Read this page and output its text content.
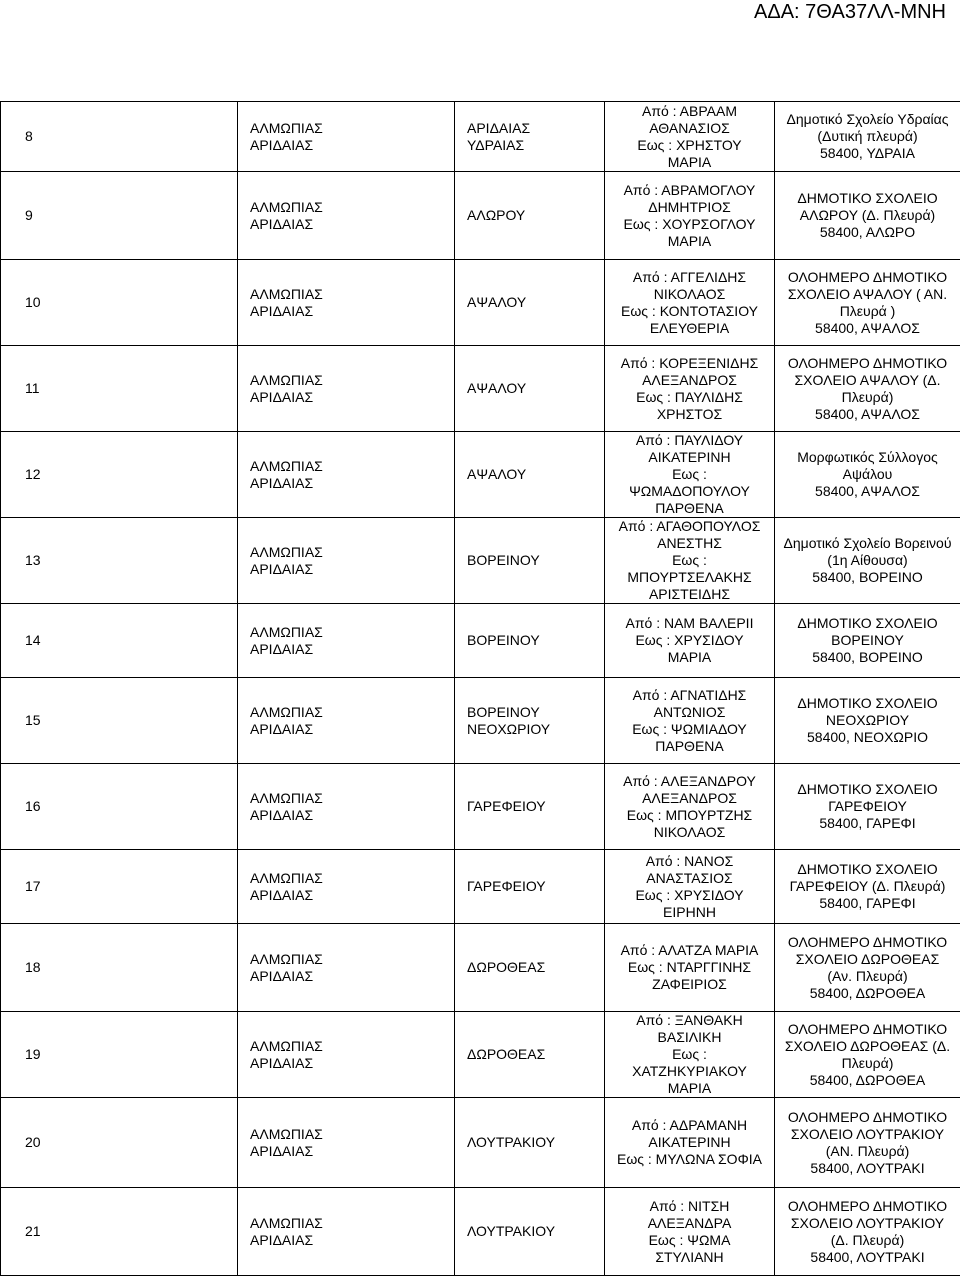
ΑΔΑ: 7ΘΑ37ΛΛ-ΜΝΗ
8	ΑΛΜΩΠΙΑΣ
ΑΡΙΔΑΙΑΣ	ΑΡΙΔΑΙΑΣ
ΥΔΡΑΙΑΣ	Από : ΑΒΡΑΑΜ
ΑΘΑΝΑΣΙΟΣ
Εως : ΧΡΗΣΤΟΥ
ΜΑΡΙΑ	Δημοτικό Σχολείο Υδραίας
(Δυτική πλευρά)
58400, ΥΔΡΑΙΑ

9	ΑΛΜΩΠΙΑΣ
ΑΡΙΔΑΙΑΣ	ΑΛΩΡΟΥ	Από : ΑΒΡΑΜΟΓΛΟΥ
ΔΗΜΗΤΡΙΟΣ
Εως : ΧΟΥΡΣΟΓΛΟΥ
ΜΑΡΙΑ	ΔΗΜΟΤΙΚΟ ΣΧΟΛΕΙΟ
ΑΛΩΡΟΥ (Δ. Πλευρά)
58400, ΑΛΩΡΟ

10	ΑΛΜΩΠΙΑΣ
ΑΡΙΔΑΙΑΣ	ΑΨΑΛΟΥ	Από : ΑΓΓΕΛΙΔΗΣ
ΝΙΚΟΛΑΟΣ
Εως : ΚΟΝΤΟΤΑΣΙΟΥ
ΕΛΕΥΘΕΡΙΑ	ΟΛΟΗΜΕΡΟ ΔΗΜΟΤΙΚΟ
ΣΧΟΛΕΙΟ ΑΨΑΛΟΥ ( ΑΝ.
Πλευρά )
58400, ΑΨΑΛΟΣ

11	ΑΛΜΩΠΙΑΣ
ΑΡΙΔΑΙΑΣ	ΑΨΑΛΟΥ	Από : ΚΟΡΕΞΕΝΙΔΗΣ
ΑΛΕΞΑΝΔΡΟΣ
Εως : ΠΑΥΛΙΔΗΣ
ΧΡΗΣΤΟΣ	ΟΛΟΗΜΕΡΟ ΔΗΜΟΤΙΚΟ
ΣΧΟΛΕΙΟ ΑΨΑΛΟΥ (Δ.
Πλευρά)
58400, ΑΨΑΛΟΣ

12	ΑΛΜΩΠΙΑΣ
ΑΡΙΔΑΙΑΣ	ΑΨΑΛΟΥ	Από : ΠΑΥΛΙΔΟΥ
ΑΙΚΑΤΕΡΙΝΗ
Εως :
ΨΩΜΑΔΟΠΟΥΛΟΥ
ΠΑΡΘΕΝΑ	Μορφωτικός Σύλλογος
Αψάλου
58400, ΑΨΑΛΟΣ

13	ΑΛΜΩΠΙΑΣ
ΑΡΙΔΑΙΑΣ	ΒΟΡΕΙΝΟΥ	Από : ΑΓΑΘΟΠΟΥΛΟΣ
ΑΝΕΣΤΗΣ
Εως :
ΜΠΟΥΡΤΣΕΛΑΚΗΣ
ΑΡΙΣΤΕΙΔΗΣ	Δημοτικό Σχολείο Βορεινού
(1η Αίθουσα)
58400, ΒΟΡΕΙΝΟ

14	ΑΛΜΩΠΙΑΣ
ΑΡΙΔΑΙΑΣ	ΒΟΡΕΙΝΟΥ	Από : ΝΑΜ ΒΑΛΕΡΙΙ
Εως : ΧΡΥΣΙΔΟΥ
ΜΑΡΙΑ	ΔΗΜΟΤΙΚΟ ΣΧΟΛΕΙΟ
ΒΟΡΕΙΝΟΥ
58400, ΒΟΡΕΙΝΟ

15	ΑΛΜΩΠΙΑΣ
ΑΡΙΔΑΙΑΣ	ΒΟΡΕΙΝΟΥ
ΝΕΟΧΩΡΙΟΥ	Από : ΑΓΝΑΤΙΔΗΣ
ΑΝΤΩΝΙΟΣ
Εως : ΨΩΜΙΑΔΟΥ
ΠΑΡΘΕΝΑ	ΔΗΜΟΤΙΚΟ ΣΧΟΛΕΙΟ
ΝΕΟΧΩΡΙΟΥ
58400, ΝΕΟΧΩΡΙΟ

16	ΑΛΜΩΠΙΑΣ
ΑΡΙΔΑΙΑΣ	ΓΑΡΕΦΕΙΟΥ	Από : ΑΛΕΞΑΝΔΡΟΥ
ΑΛΕΞΑΝΔΡΟΣ
Εως : ΜΠΟΥΡΤΖΗΣ
ΝΙΚΟΛΑΟΣ	ΔΗΜΟΤΙΚΟ ΣΧΟΛΕΙΟ
ΓΑΡΕΦΕΙΟΥ
58400, ΓΑΡΕΦΙ

17	ΑΛΜΩΠΙΑΣ
ΑΡΙΔΑΙΑΣ	ΓΑΡΕΦΕΙΟΥ	Από : ΝΑΝΟΣ
ΑΝΑΣΤΑΣΙΟΣ
Εως : ΧΡΥΣΙΔΟΥ
ΕΙΡΗΝΗ	ΔΗΜΟΤΙΚΟ ΣΧΟΛΕΙΟ
ΓΑΡΕΦΕΙΟΥ (Δ. Πλευρά)
58400, ΓΑΡΕΦΙ

18	ΑΛΜΩΠΙΑΣ
ΑΡΙΔΑΙΑΣ	ΔΩΡΟΘΕΑΣ	Από : ΑΛΑΤΖΑ ΜΑΡΙΑ
Εως : ΝΤΑΡΓΓΙΝΗΣ
ΖΑΦΕΙΡΙΟΣ	ΟΛΟΗΜΕΡΟ ΔΗΜΟΤΙΚΟ
ΣΧΟΛΕΙΟ ΔΩΡΟΘΕΑΣ
(Αν. Πλευρά)
58400, ΔΩΡΟΘΕΑ

19	ΑΛΜΩΠΙΑΣ
ΑΡΙΔΑΙΑΣ	ΔΩΡΟΘΕΑΣ	Από : ΞΑΝΘΑΚΗ
ΒΑΣΙΛΙΚΗ
Εως :
ΧΑΤΖΗΚΥΡΙΑΚΟΥ
ΜΑΡΙΑ	ΟΛΟΗΜΕΡΟ ΔΗΜΟΤΙΚΟ
ΣΧΟΛΕΙΟ ΔΩΡΟΘΕΑΣ (Δ.
Πλευρά)
58400, ΔΩΡΟΘΕΑ

20	ΑΛΜΩΠΙΑΣ
ΑΡΙΔΑΙΑΣ	ΛΟΥΤΡΑΚΙΟΥ	Από : ΑΔΡΑΜΑΝΗ
ΑΙΚΑΤΕΡΙΝΗ
Εως : ΜΥΛΩΝΑ ΣΟΦΙΑ	ΟΛΟΗΜΕΡΟ ΔΗΜΟΤΙΚΟ
ΣΧΟΛΕΙΟ ΛΟΥΤΡΑΚΙΟΥ
(ΑΝ. Πλευρά)
58400, ΛΟΥΤΡΑΚΙ

21	ΑΛΜΩΠΙΑΣ
ΑΡΙΔΑΙΑΣ	ΛΟΥΤΡΑΚΙΟΥ	Από : ΝΙΤΣΗ
ΑΛΕΞΑΝΔΡΑ
Εως : ΨΩΜΑ
ΣΤΥΛΙΑΝΗ	ΟΛΟΗΜΕΡΟ ΔΗΜΟΤΙΚΟ
ΣΧΟΛΕΙΟ ΛΟΥΤΡΑΚΙΟΥ
(Δ. Πλευρά)
58400, ΛΟΥΤΡΑΚΙ
